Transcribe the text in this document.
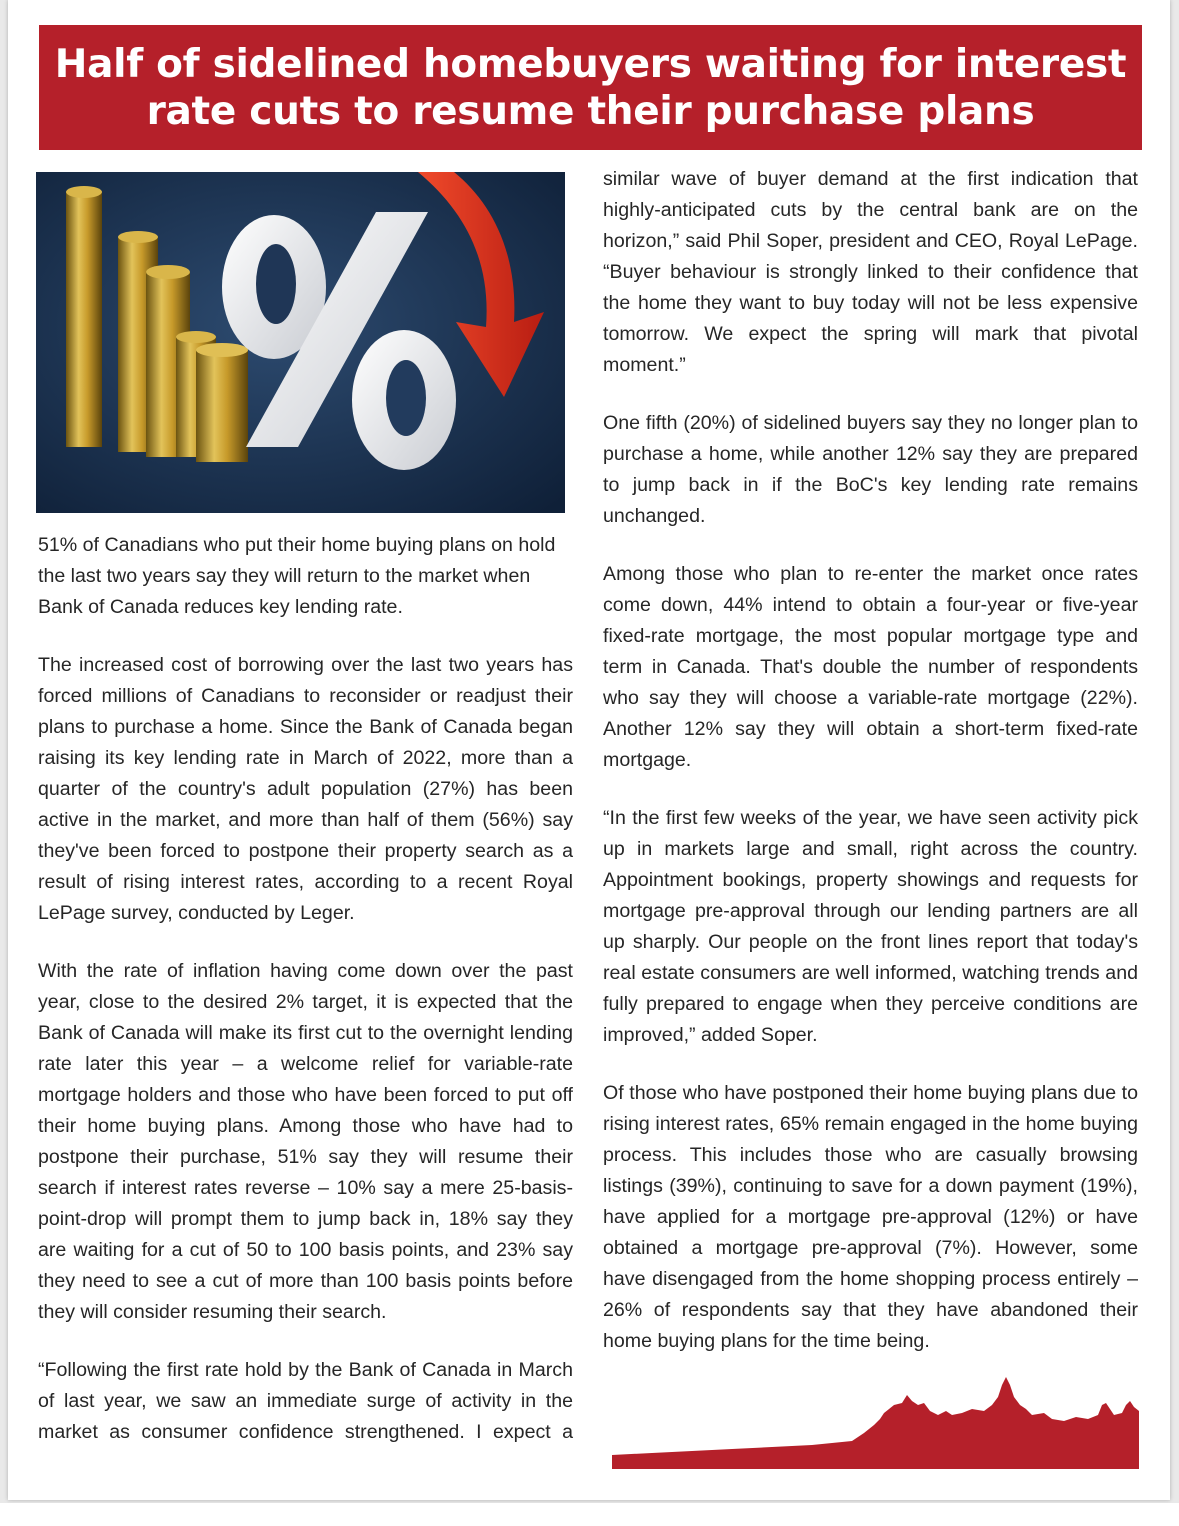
Half of sidelined homebuyers waiting for interest
rate cuts to resume their purchase plans

51% of Canadians who put their home buying plans on hold the last two years say they will return to the market when Bank of Canada reduces key lending rate.

The increased cost of borrowing over the last two years has forced millions of Canadians to reconsider or readjust their plans to purchase a home. Since the Bank of Canada began raising its key lending rate in March of 2022, more than a quarter of the country's adult population (27%) has been active in the market, and more than half of them (56%) say they've been forced to postpone their property search as a result of rising interest rates, according to a recent Royal LePage survey, conducted by Leger.

With the rate of inflation having come down over the past year, close to the desired 2% target, it is expected that the Bank of Canada will make its first cut to the overnight lending rate later this year – a welcome relief for variable-rate mortgage holders and those who have been forced to put off their home buying plans. Among those who have had to postpone their purchase, 51% say they will resume their search if interest rates reverse – 10% say a mere 25-basis-point-drop will prompt them to jump back in, 18% say they are waiting for a cut of 50 to 100 basis points, and 23% say they need to see a cut of more than 100 basis points before they will consider resuming their search.

“Following the first rate hold by the Bank of Canada in March of last year, we saw an immediate surge of activity in the market as consumer confidence strengthened. I expect a

similar wave of buyer demand at the first indication that highly-anticipated cuts by the central bank are on the horizon,” said Phil Soper, president and CEO, Royal LePage. “Buyer behaviour is strongly linked to their confidence that the home they want to buy today will not be less expensive tomorrow. We expect the spring will mark that pivotal moment.”

One fifth (20%) of sidelined buyers say they no longer plan to purchase a home, while another 12% say they are prepared to jump back in if the BoC's key lending rate remains unchanged.

Among those who plan to re-enter the market once rates come down, 44% intend to obtain a four-year or five-year fixed-rate mortgage, the most popular mortgage type and term in Canada. That's double the number of respondents who say they will choose a variable-rate mortgage (22%). Another 12% say they will obtain a short-term fixed-rate mortgage.

“In the first few weeks of the year, we have seen activity pick up in markets large and small, right across the country. Appointment bookings, property showings and requests for mortgage pre-approval through our lending partners are all up sharply. Our people on the front lines report that today's real estate consumers are well informed, watching trends and fully prepared to engage when they perceive conditions are improved,” added Soper.

Of those who have postponed their home buying plans due to rising interest rates, 65% remain engaged in the home buying process. This includes those who are casually browsing listings (39%), continuing to save for a down payment (19%), have applied for a mortgage pre-approval (12%) or have obtained a mortgage pre-approval (7%). However, some have disengaged from the home shopping process entirely – 26% of respondents say that they have abandoned their home buying plans for the time being.
